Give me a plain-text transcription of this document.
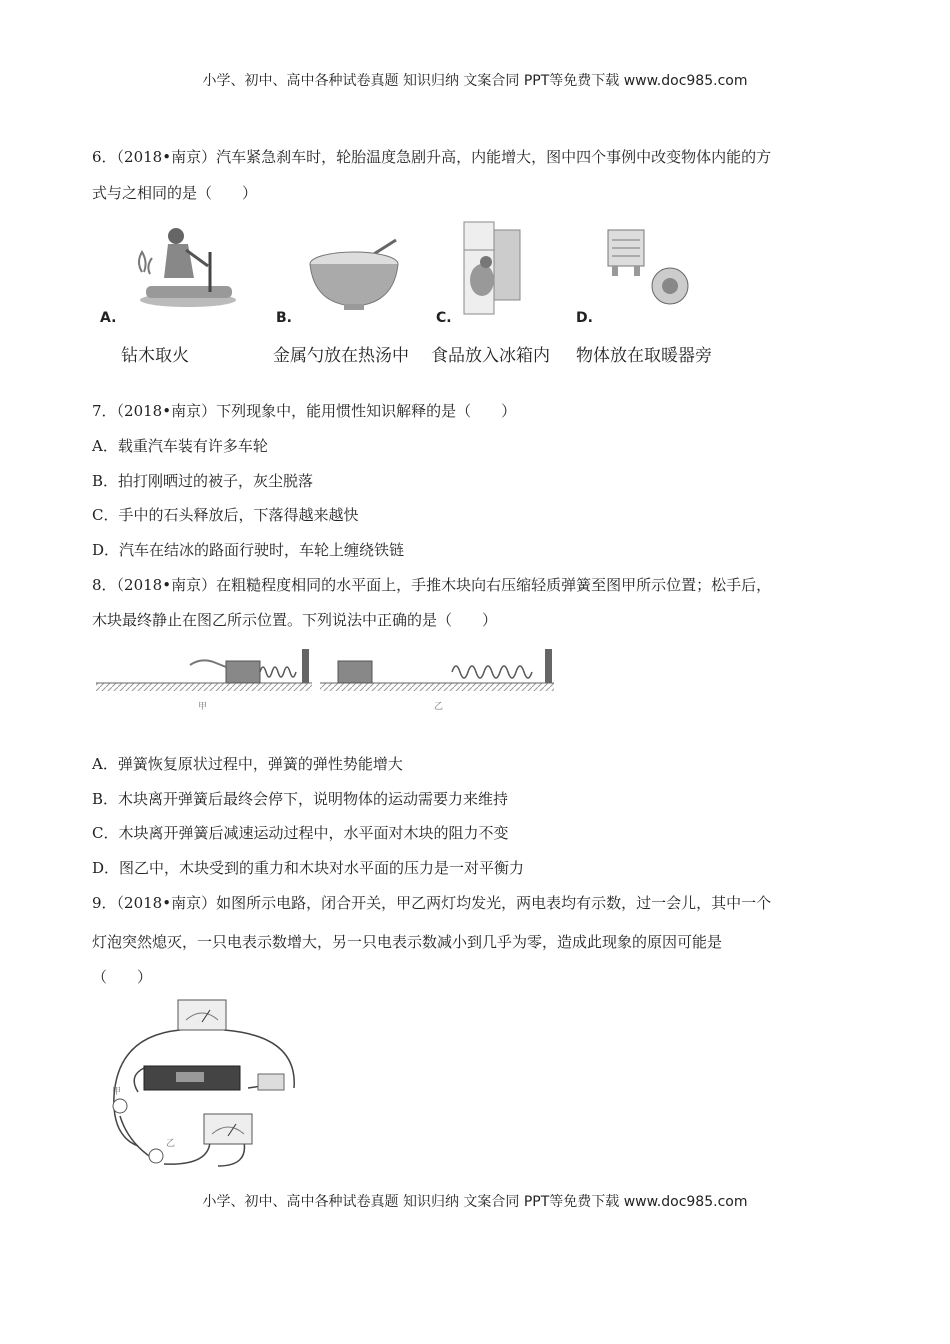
小学、初中、高中各种试卷真题 知识归纳 文案合同 PPT等免费下载 www.doc985.com
6．（2018•南京）汽车紧急刹车时，轮胎温度急剧升高，内能增大，图中四个事例中改变物体内能的方
式与之相同的是（　　）
A.
钻木取火
B.
金属勺放在热汤中
C.
食品放入冰箱内
D.
物体放在取暖器旁
7．（2018•南京）下列现象中，能用惯性知识解释的是（　　）
A．载重汽车装有许多车轮
B．拍打刚晒过的被子，灰尘脱落
C．手中的石头释放后，下落得越来越快
D．汽车在结冰的路面行驶时，车轮上缠绕铁链
8．（2018•南京）在粗糙程度相同的水平面上，手推木块向右压缩轻质弹簧至图甲所示位置；松手后，
木块最终静止在图乙所示位置。下列说法中正确的是（　　）
甲	乙
A．弹簧恢复原状过程中，弹簧的弹性势能增大
B．木块离开弹簧后最终会停下，说明物体的运动需要力来维持
C．木块离开弹簧后减速运动过程中，水平面对木块的阻力不变
D．图乙中，木块受到的重力和木块对水平面的压力是一对平衡力
9．（2018•南京）如图所示电路，闭合开关，甲乙两灯均发光，两电表均有示数，过一会儿，其中一个
灯泡突然熄灭，一只电表示数增大，另一只电表示数减小到几乎为零，造成此现象的原因可能是
（　　）
甲
乙
小学、初中、高中各种试卷真题 知识归纳 文案合同 PPT等免费下载 www.doc985.com
